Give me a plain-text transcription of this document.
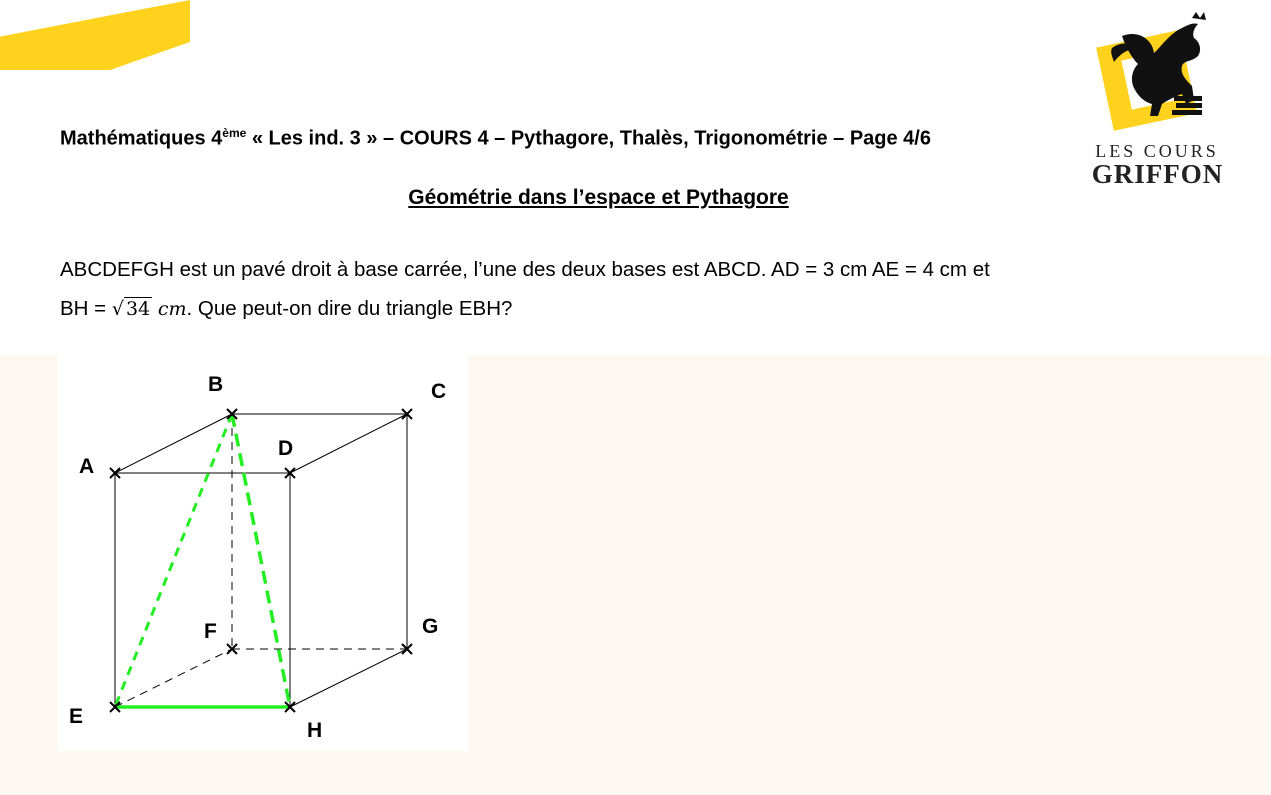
Mathématiques 4ème « Les ind. 3 » – COURS 4 – Pythagore, Thalès, Trigonométrie – Page 4/6
LES COURS
GRIFFON
Géométrie dans l’espace et Pythagore
ABCDEFGH est un pavé droit à base carrée, l’une des deux bases est ABCD. AD = 3 cm AE = 4 cm et
BH = √ 34 cm. Que peut-on dire du triangle EBH?
A
B	C
D
E
F	G
H
